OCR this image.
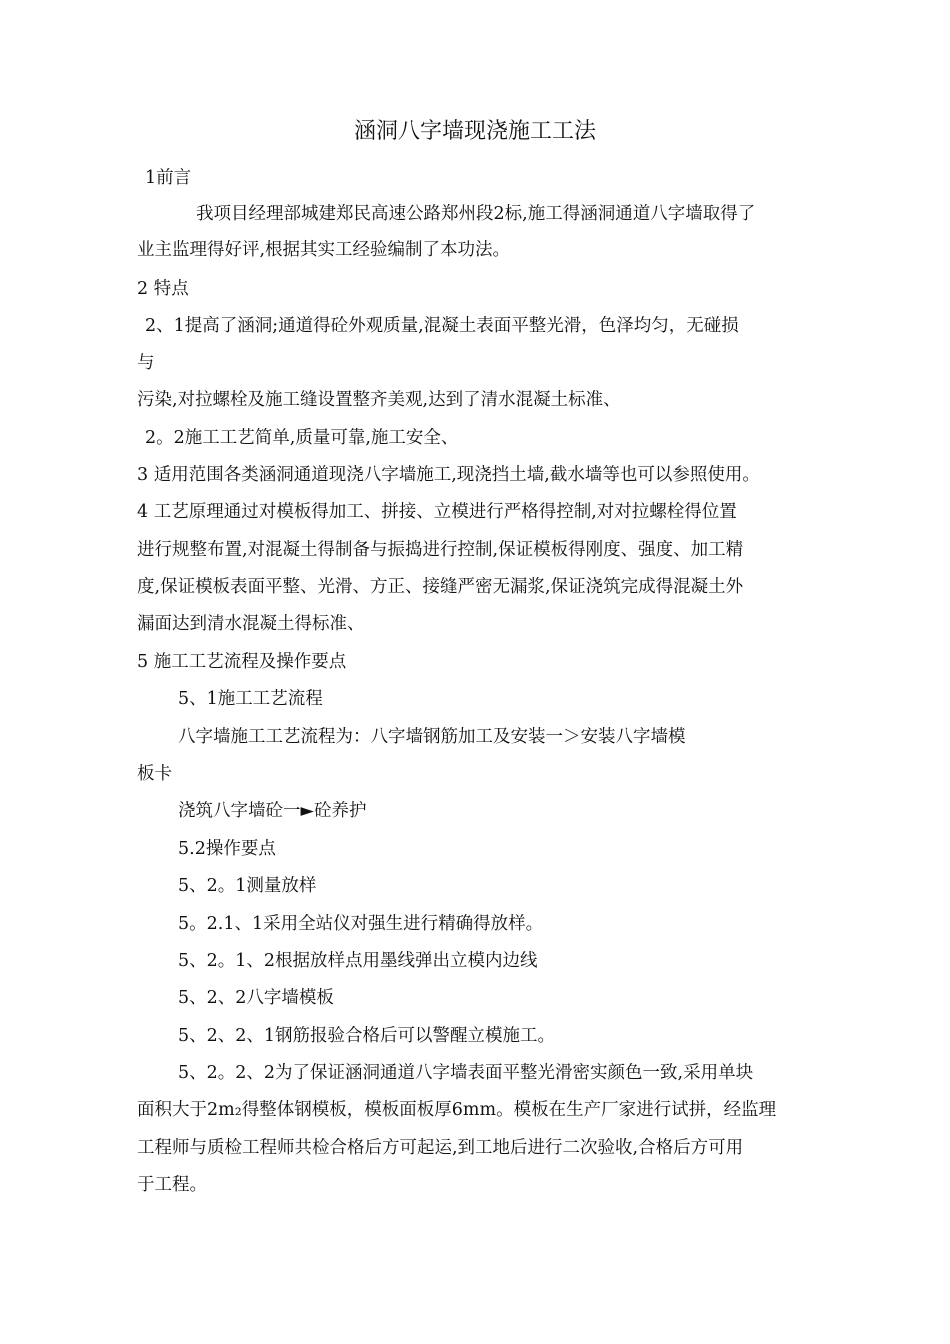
涵洞八字墙现浇施工工法
1前言
我项目经理部城建郑民高速公路郑州段2标,施工得涵洞通道八字墙取得了
业主监理得好评,根据其实工经验编制了本功法。
2 特点
2、1提高了涵洞;通道得砼外观质量,混凝土表面平整光滑，色泽均匀，无碰损
与
污染,对拉螺栓及施工缝设置整齐美观,达到了清水混凝土标准、
2。2施工工艺简单,质量可靠,施工安全、
3 适用范围各类涵洞通道现浇八字墙施工,现浇挡土墙,截水墙等也可以参照使用。
4 工艺原理通过对模板得加工、拼接、立模进行严格得控制,对对拉螺栓得位置
进行规整布置,对混凝土得制备与振捣进行控制,保证模板得刚度、强度、加工精
度,保证模板表面平整、光滑、方正、接缝严密无漏浆,保证浇筑完成得混凝土外
漏面达到清水混凝土得标准、
5 施工工艺流程及操作要点
5、1施工工艺流程
八字墙施工工艺流程为：八字墙钢筋加工及安装一＞安装八字墙模
板卡
浇筑八字墙砼一►砼养护
5.2操作要点
5、2。1测量放样
5。2.1、1采用全站仪对强生进行精确得放样。
5、2。1、2根据放样点用墨线弹出立模内边线
5、2、2八字墙模板
5、2、2、1钢筋报验合格后可以警醒立模施工。
5、2。2、2为了保证涵洞通道八字墙表面平整光滑密实颜色一致,采用单块
面积大于2m₂得整体钢模板，模板面板厚6mm。模板在生产厂家进行试拼，经监理
工程师与质检工程师共检合格后方可起运,到工地后进行二次验收,合格后方可用
于工程。
